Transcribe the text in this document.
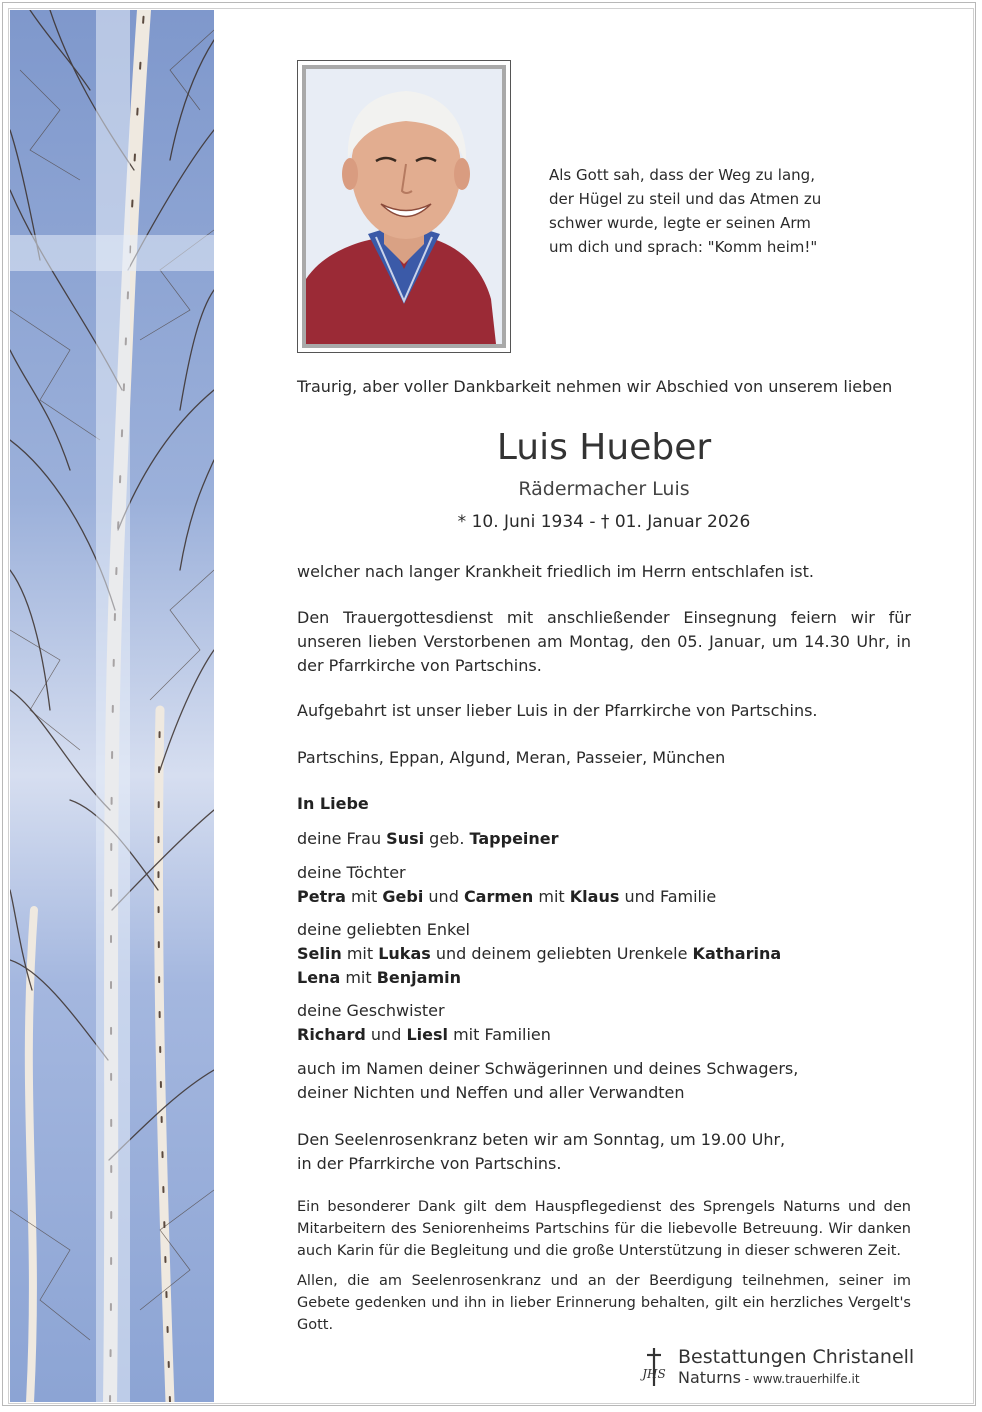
Als Gott sah, dass der Weg zu lang,
der Hügel zu steil und das Atmen zu
schwer wurde, legte er seinen Arm
um dich und sprach: "Komm heim!"
Traurig, aber voller Dankbarkeit nehmen wir Abschied von unserem lieben
Luis Hueber
Rädermacher Luis
* 10. Juni 1934 - † 01. Januar 2026
welcher nach langer Krankheit friedlich im Herrn entschlafen ist.
Den Trauergottesdienst mit anschließender Einsegnung feiern wir für unseren lieben Verstorbenen am Montag, den 05. Januar, um 14.30 Uhr, in der Pfarrkirche von Partschins.
Aufgebahrt ist unser lieber Luis in der Pfarrkirche von Partschins.
Partschins, Eppan, Algund, Meran, Passeier, München
In Liebe
deine Frau Susi geb. Tappeiner
deine Töchter
Petra mit Gebi und Carmen mit Klaus und Familie
deine geliebten Enkel
Selin mit Lukas und deinem geliebten Urenkele Katharina
Lena mit Benjamin
deine Geschwister
Richard und Liesl mit Familien
auch im Namen deiner Schwägerinnen und deines Schwagers,
deiner Nichten und Neffen und aller Verwandten
Den Seelenrosenkranz beten wir am Sonntag, um 19.00 Uhr,
in der Pfarrkirche von Partschins.
Ein besonderer Dank gilt dem Hauspflegedienst des Sprengels Naturns und den Mitarbeitern des Seniorenheims Partschins für die liebevolle Betreuung. Wir danken auch Karin für die Begleitung und die große Unterstützung in dieser schweren Zeit.
Allen, die am Seelenrosenkranz und an der Beerdigung teilnehmen, seiner im Gebete gedenken und ihn in lieber Erinnerung behalten, gilt ein herzliches Vergelt's Gott.
JHS
Bestattungen Christanell
Naturns - www.trauerhilfe.it
